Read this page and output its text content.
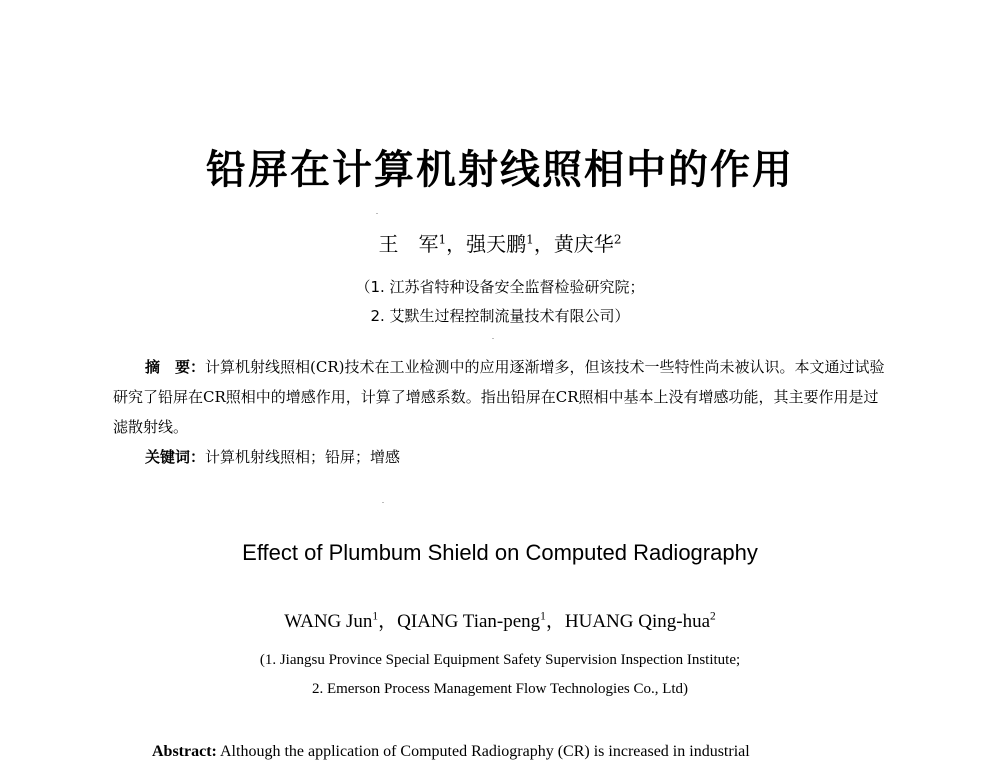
铅屏在计算机射线照相中的作用
王　军$^1$，强天鹏$^1$，黄庆华$^2$
（1. 江苏省特种设备安全监督检验研究院；
2. 艾默生过程控制流量技术有限公司）
摘　要：计算机射线照相(CR)技术在工业检测中的应用逐渐增多，但该技术一些特性尚未被认识。本文通过试验研究了铅屏在CR照相中的增感作用，计算了增感系数。指出铅屏在CR照相中基本上没有增感功能，其主要作用是过滤散射线。
关键词：计算机射线照相；铅屏；增感
Effect of Plumbum Shield on Computed Radiography
WANG Jun$^1$，QIANG Tian-peng$^1$，HUANG Qing-hua$^2$
(1. Jiangsu Province Special Equipment Safety Supervision Inspection Institute;
2. Emerson Process Management Flow Technologies Co., Ltd)
Abstract: Although the application of Computed Radiography (CR) is increased in industrial
